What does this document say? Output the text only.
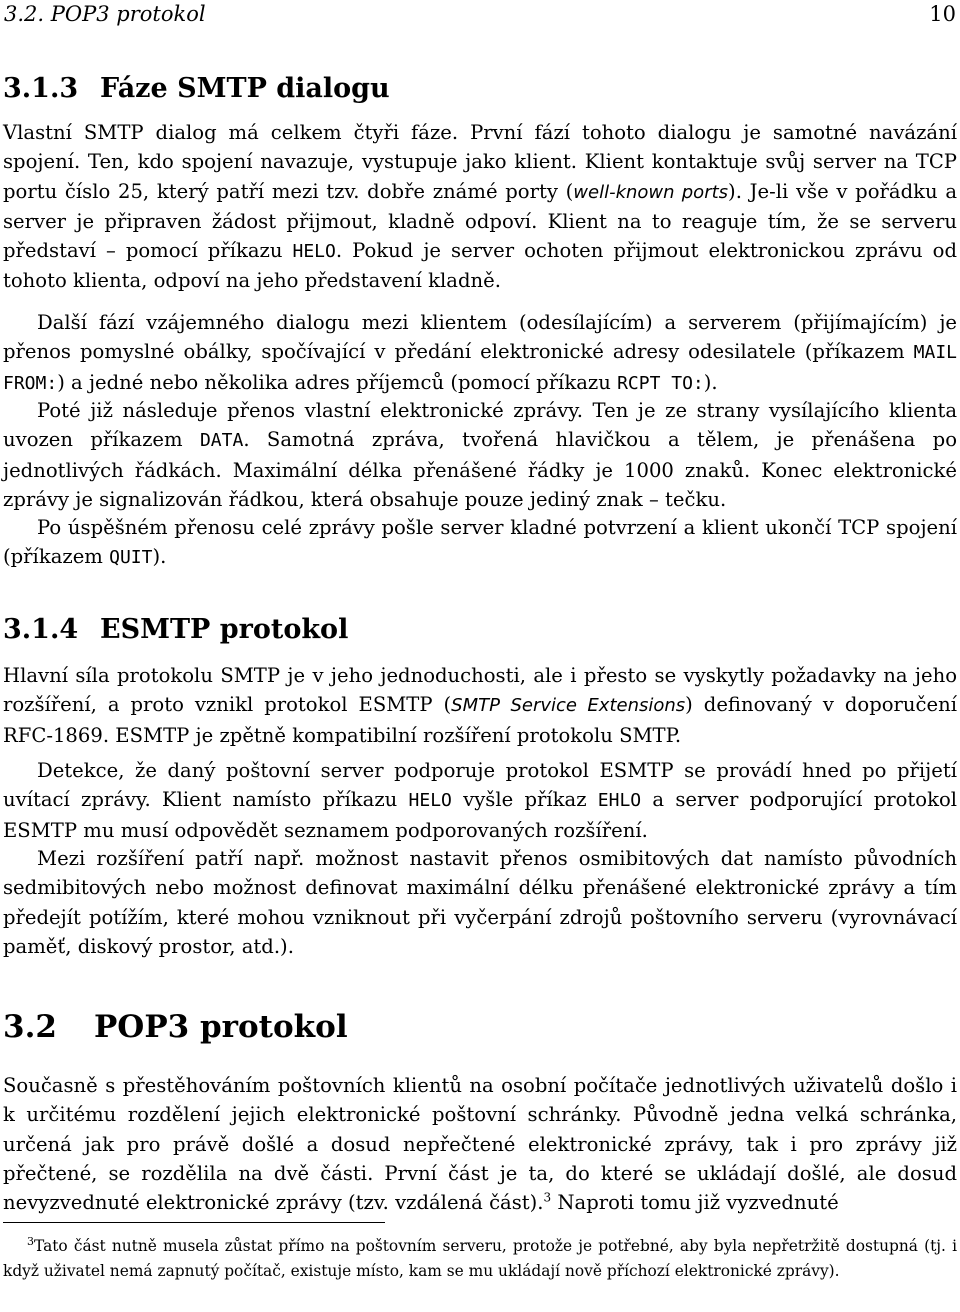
3.2. POP3 protokol	10
3.1.3 Fáze SMTP dialogu

Vlastní SMTP dialog má celkem čtyři fáze. První fází tohoto dialogu je samotné navázání spojení. Ten, kdo spojení navazuje, vystupuje jako klient. Klient kontaktuje svůj server na TCP portu číslo 25, který patří mezi tzv. dobře známé porty (well-known ports). Je-li vše v pořádku a server je připraven žádost přijmout, kladně odpoví. Klient na to reaguje tím, že se serveru představí – pomocí příkazu HELO. Pokud je server ochoten přijmout elektronickou zprávu od tohoto klienta, odpoví na jeho představení kladně.

Další fází vzájemného dialogu mezi klientem (odesílajícím) a serverem (přijímajícím) je přenos pomyslné obálky, spočívající v předání elektronické adresy odesilatele (příkazem MAIL FROM:) a jedné nebo několika adres příjemců (pomocí příkazu RCPT TO:).

Poté již následuje přenos vlastní elektronické zprávy. Ten je ze strany vysílajícího klienta uvozen příkazem DATA. Samotná zpráva, tvořená hlavičkou a tělem, je přenášena po jednotlivých řádkách. Maximální délka přenášené řádky je 1000 znaků. Konec elektronické zprávy je signalizován řádkou, která obsahuje pouze jediný znak – tečku.

Po úspěšném přenosu celé zprávy pošle server kladné potvrzení a klient ukončí TCP spojení (příkazem QUIT).

3.1.4 ESMTP protokol

Hlavní síla protokolu SMTP je v jeho jednoduchosti, ale i přesto se vyskytly požadavky na jeho rozšíření, a proto vznikl protokol ESMTP (SMTP Service Extensions) definovaný v doporučení RFC-1869. ESMTP je zpětně kompatibilní rozšíření protokolu SMTP.

Detekce, že daný poštovní server podporuje protokol ESMTP se provádí hned po přijetí uvítací zprávy. Klient namísto příkazu HELO vyšle příkaz EHLO a server podporující protokol ESMTP mu musí odpovědět seznamem podporovaných rozšíření.

Mezi rozšíření patří např. možnost nastavit přenos osmibitových dat namísto původních sedmibitových nebo možnost definovat maximální délku přenášené elektronické zprávy a tím předejít potížím, které mohou vzniknout při vyčerpání zdrojů poštovního serveru (vyrovnávací paměť, diskový prostor, atd.).

3.2 POP3 protokol

Současně s přestěhováním poštovních klientů na osobní počítače jednotlivých uživatelů došlo i k určitému rozdělení jejich elektronické poštovní schránky. Původně jedna velká schránka, určená jak pro právě došlé a dosud nepřečtené elektronické zprávy, tak i pro zprávy již přečtené, se rozdělila na dvě části. První část je ta, do které se ukládají došlé, ale dosud nevyzvednuté elektronické zprávy (tzv. vzdálená část).$^3$ Naproti tomu již vyzvednuté

$^3$Tato část nutně musela zůstat přímo na poštovním serveru, protože je potřebné, aby byla nepřetržitě dostupná (tj. i když uživatel nemá zapnutý počítač, existuje místo, kam se mu ukládají nově příchozí elektronické zprávy).
